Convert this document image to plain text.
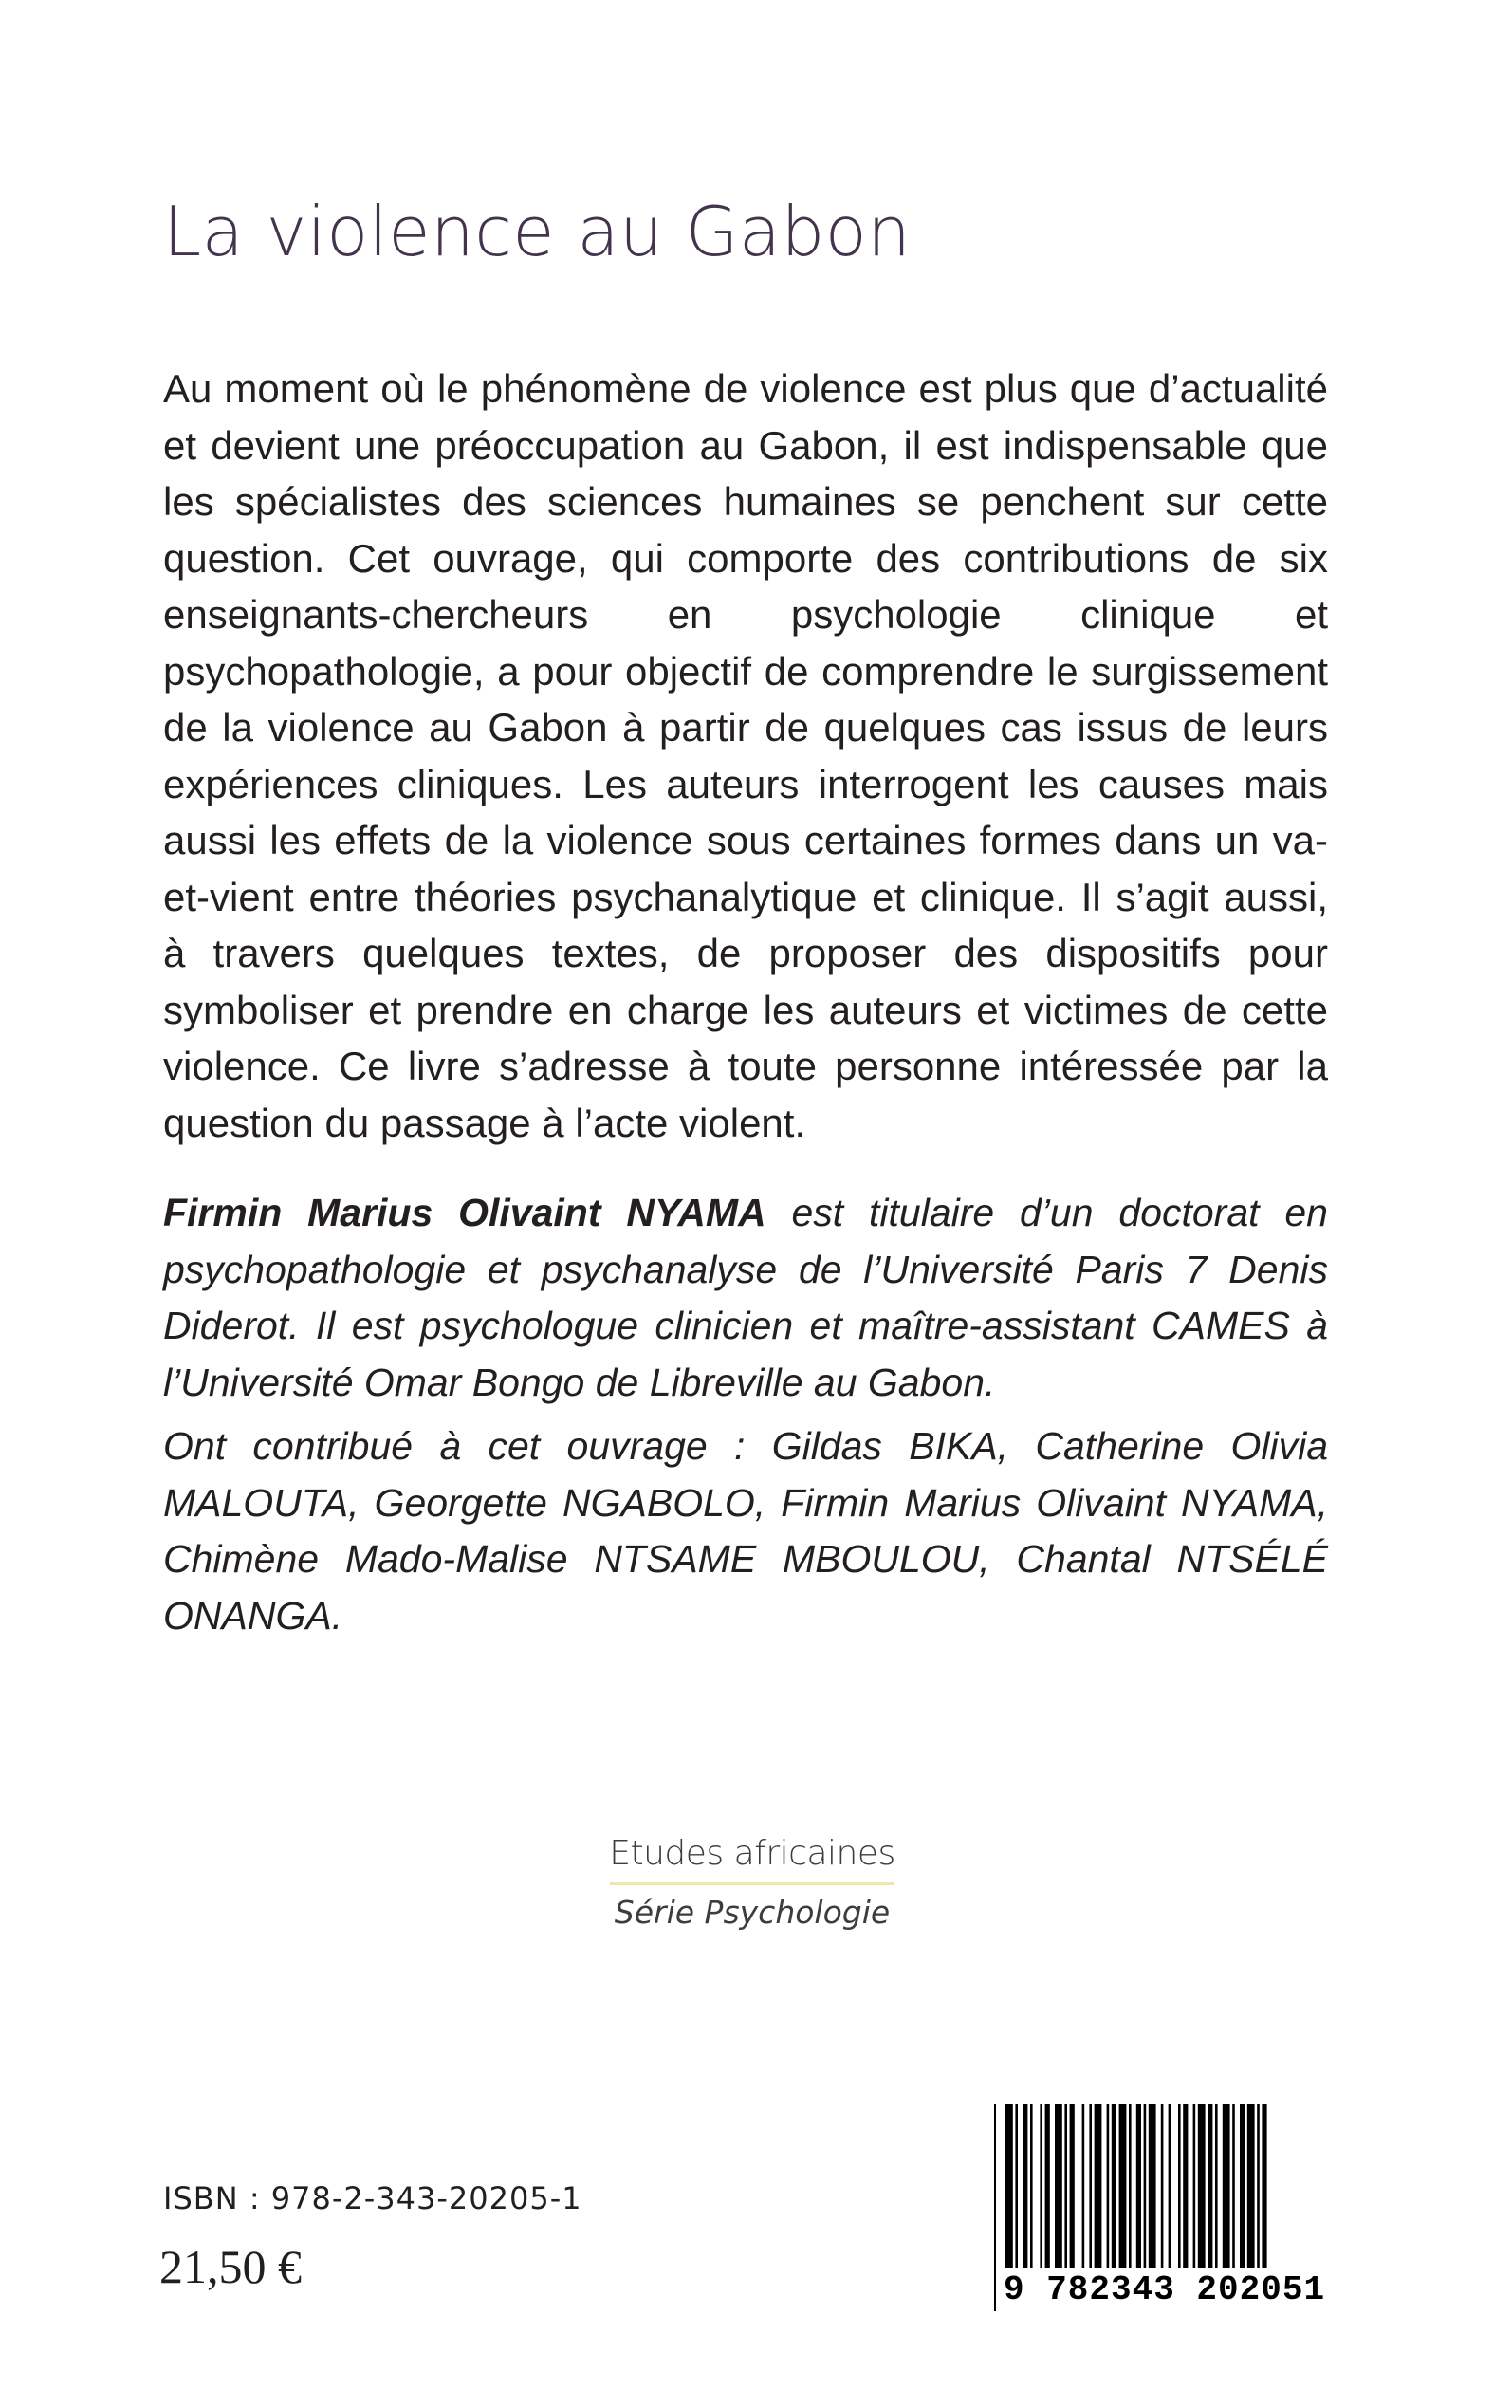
La violence au Gabon

Au moment où le phénomène de violence est plus que d’actualité et devient une préoccupation au Gabon, il est indispensable que les spécialistes des sciences humaines se penchent sur cette question. Cet ouvrage, qui comporte des contributions de six enseignants-chercheurs en psychologie clinique et psychopathologie, a pour objectif de comprendre le surgissement de la violence au Gabon à partir de quelques cas issus de leurs expériences cliniques. Les auteurs interrogent les causes mais aussi les effets de la violence sous certaines formes dans un va-et-vient entre théories psychanalytique et clinique. Il s’agit aussi, à travers quelques textes, de proposer des dispositifs pour symboliser et prendre en charge les auteurs et victimes de cette violence. Ce livre s’adresse à toute personne intéressée par la question du passage à l’acte violent.

Firmin Marius Olivaint NYAMA est titulaire d’un doctorat en psychopathologie et psychanalyse de l’Université Paris 7 Denis Diderot. Il est psychologue clinicien et maître-assistant CAMES à l’Université Omar Bongo de Libreville au Gabon.

Ont contribué à cet ouvrage : Gildas BIKA, Catherine Olivia MALOUTA, Georgette NGABOLO, Firmin Marius Olivaint NYAMA, Chimène Mado-Malise NTSAME MBOULOU, Chantal NTSÉLÉ ONANGA.

Etudes africaines
Série Psychologie
ISBN : 978-2-343-20205-1
21,50 €	9 782343 202051
